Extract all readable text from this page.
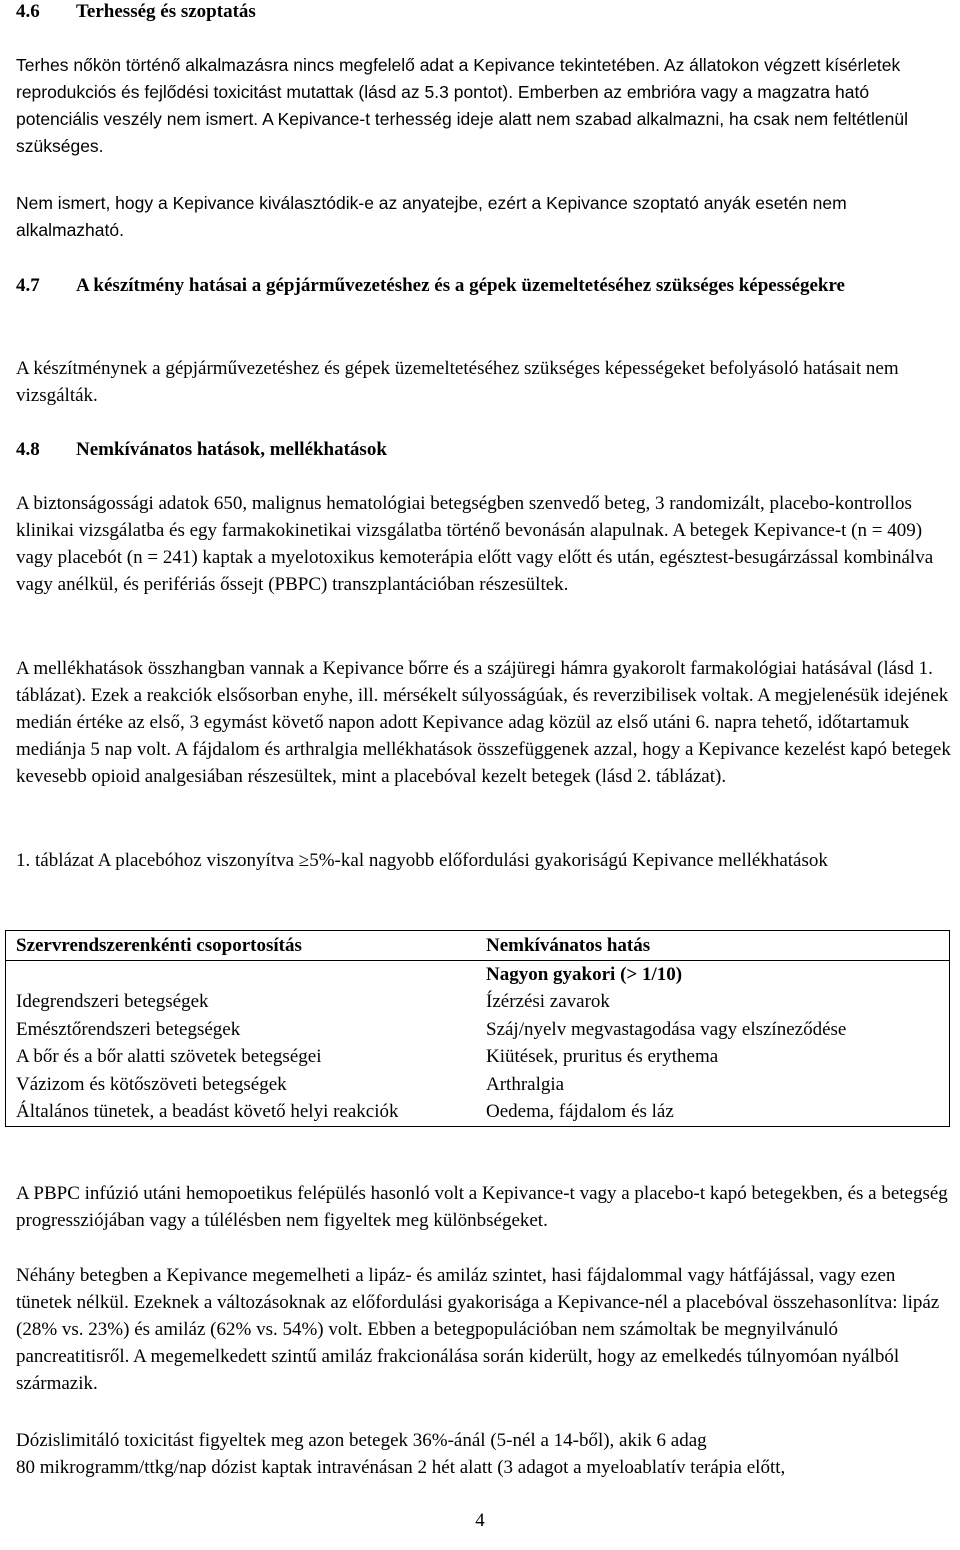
4.6	Terhesség és szoptatás

Terhes nőkön történő alkalmazásra nincs megfelelő adat a Kepivance tekintetében. Az állatokon végzett kísérletek reprodukciós és fejlődési toxicitást mutattak (lásd az 5.3 pontot). Emberben az embrióra vagy a magzatra ható potenciális veszély nem ismert. A Kepivance-t terhesség ideje alatt nem szabad alkalmazni, ha csak nem feltétlenül szükséges.

Nem ismert, hogy a Kepivance kiválasztódik-e az anyatejbe, ezért a Kepivance szoptató anyák esetén nem alkalmazható.

4.7	A készítmény hatásai a gépjárművezetéshez és a gépek üzemeltetéséhez szükséges képességekre

A készítménynek a gépjárművezetéshez és gépek üzemeltetéséhez szükséges képességeket befolyásoló hatásait nem vizsgálták.

4.8	Nemkívánatos hatások, mellékhatások

A biztonságossági adatok 650, malignus hematológiai betegségben szenvedő beteg, 3 randomizált, placebo-kontrollos klinikai vizsgálatba és egy farmakokinetikai vizsgálatba történő bevonásán alapulnak. A betegek Kepivance-t (n = 409) vagy placebót (n = 241) kaptak a myelotoxikus kemoterápia előtt vagy előtt és után, egésztest-besugárzással kombinálva vagy anélkül, és perifériás őssejt (PBPC) transzplantációban részesültek.

A mellékhatások összhangban vannak a Kepivance bőrre és a szájüregi hámra gyakorolt farmakológiai hatásával (lásd 1. táblázat). Ezek a reakciók elsősorban enyhe, ill. mérsékelt súlyosságúak, és reverzibilisek voltak. A megjelenésük idejének medián értéke az első, 3 egymást követő napon adott Kepivance adag közül az első utáni 6. napra tehető, időtartamuk mediánja 5 nap volt. A fájdalom és arthralgia mellékhatások összefüggenek azzal, hogy a Kepivance kezelést kapó betegek kevesebb opioid analgesiában részesültek, mint a placebóval kezelt betegek (lásd 2. táblázat).

1. táblázat A placebóhoz viszonyítva ≥5%-kal nagyobb előfordulási gyakoriságú Kepivance mellékhatások

Szervrendszerenkénti csoportosítás	Nemkívánatos hatás
	Nagyon gyakori (> 1/10)
Idegrendszeri betegségek	Ízérzési zavarok
Emésztőrendszeri betegségek	Száj/nyelv megvastagodása vagy elszíneződése
A bőr és a bőr alatti szövetek betegségei	Kiütések, pruritus és erythema
Vázizom és kötőszöveti betegségek	Arthralgia
Általános tünetek, a beadást követő helyi reakciók	Oedema, fájdalom és láz

A PBPC infúzió utáni hemopoetikus felépülés hasonló volt a Kepivance-t vagy a placebo-t kapó betegekben, és a betegség progressziójában vagy a túlélésben nem figyeltek meg különbségeket.

Néhány betegben a Kepivance megemelheti a lipáz- és amiláz szintet, hasi fájdalommal vagy hátfájással, vagy ezen tünetek nélkül. Ezeknek a változásoknak az előfordulási gyakorisága a Kepivance-nél a placebóval összehasonlítva: lipáz (28% vs. 23%) és amiláz (62% vs. 54%) volt. Ebben a betegpopulációban nem számoltak be megnyilvánuló pancreatitisről. A megemelkedett szintű amiláz frakcionálása során kiderült, hogy az emelkedés túlnyomóan nyálból származik.

Dózislimitáló toxicitást figyeltek meg azon betegek 36%-ánál (5-nél a 14-ből), akik 6 adag

80 mikrogramm/ttkg/nap dózist kaptak intravénásan 2 hét alatt (3 adagot a myeloablatív terápia előtt,

4
